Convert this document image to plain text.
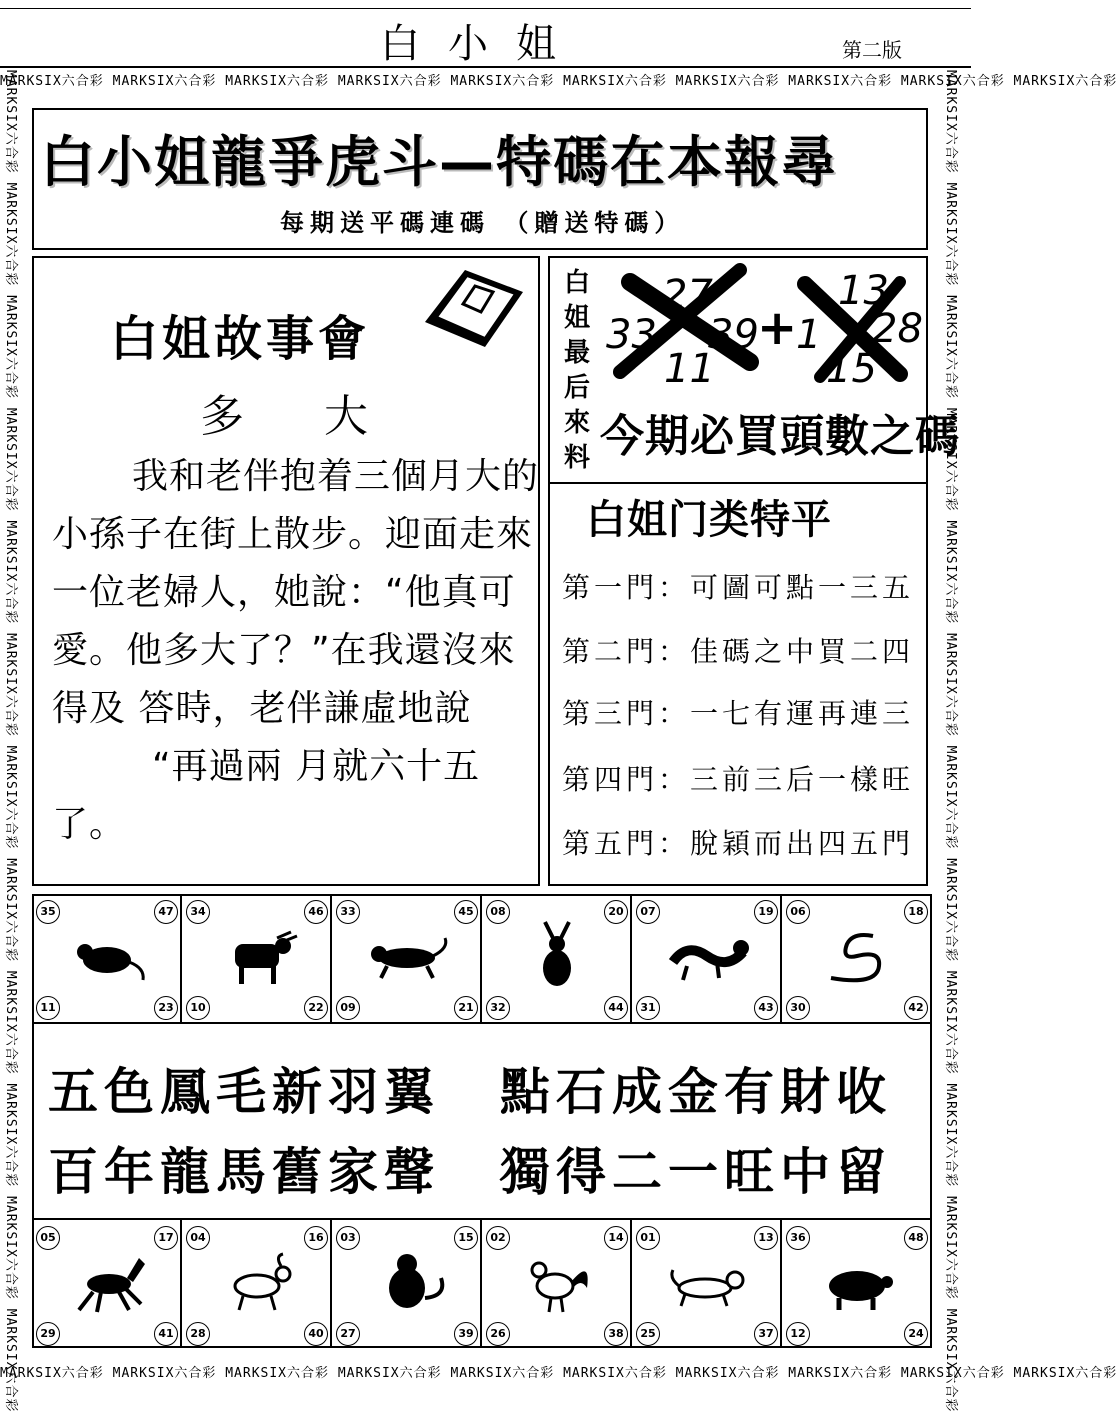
白小姐	第二版
MARKSIX六合彩 MARKSIX六合彩 MARKSIX六合彩 MARKSIX六合彩 MARKSIX六合彩 MARKSIX六合彩 MARKSIX六合彩 MARKSIX六合彩 MARKSIX六合彩 MARKSIX六合彩
MARKSIX六合彩 MARKSIX六合彩 MARKSIX六合彩 MARKSIX六合彩 MARKSIX六合彩 MARKSIX六合彩 MARKSIX六合彩 MARKSIX六合彩 MARKSIX六合彩 MARKSIX六合彩
MARKSIX六合彩 MARKSIX六合彩 MARKSIX六合彩 MARKSIX六合彩 MARKSIX六合彩 MARKSIX六合彩 MARKSIX六合彩 MARKSIX六合彩 MARKSIX六合彩 MARKSIX六合彩 MARKSIX六合彩 MARKSIX六合彩	MARKSIX六合彩 MARKSIX六合彩 MARKSIX六合彩 MARKSIX六合彩 MARKSIX六合彩 MARKSIX六合彩 MARKSIX六合彩 MARKSIX六合彩 MARKSIX六合彩 MARKSIX六合彩 MARKSIX六合彩 MARKSIX六合彩
白小姐龍爭虎斗—特碼在本報尋
每期送平碼連碼 （贈送特碼）
白姐故事會
多大

我和老伴抱着三個月大的小孫子在街上散步。迎面走來一位老婦人，她說：“他真可愛。他多大了？”在我還沒來得及 答時，老伴謙虛地說

“再過兩 月就六十五了。

白姐最后來料
27
33 39
11
+
13
1 28
15
今期必買頭數之碼
白姐门类特平
第一門：可圖可點一三五
第二門：佳碼之中買二四
第三門：一七有運再連三
第四門：三前三后一樣旺
第五門：脫穎而出四五門
35	47
11	23
34	46
10	22
33	45
09	21
08	20
32	44
07	19
31	43
06	18
30	42
五色鳳毛新羽翼 點石成金有財收
百年龍馬舊家聲 獨得二一旺中留
05	17
29	41
04	16
28	40
03	15
27	39
02	14
26	38
01	13
25	37
36	48
12	24
